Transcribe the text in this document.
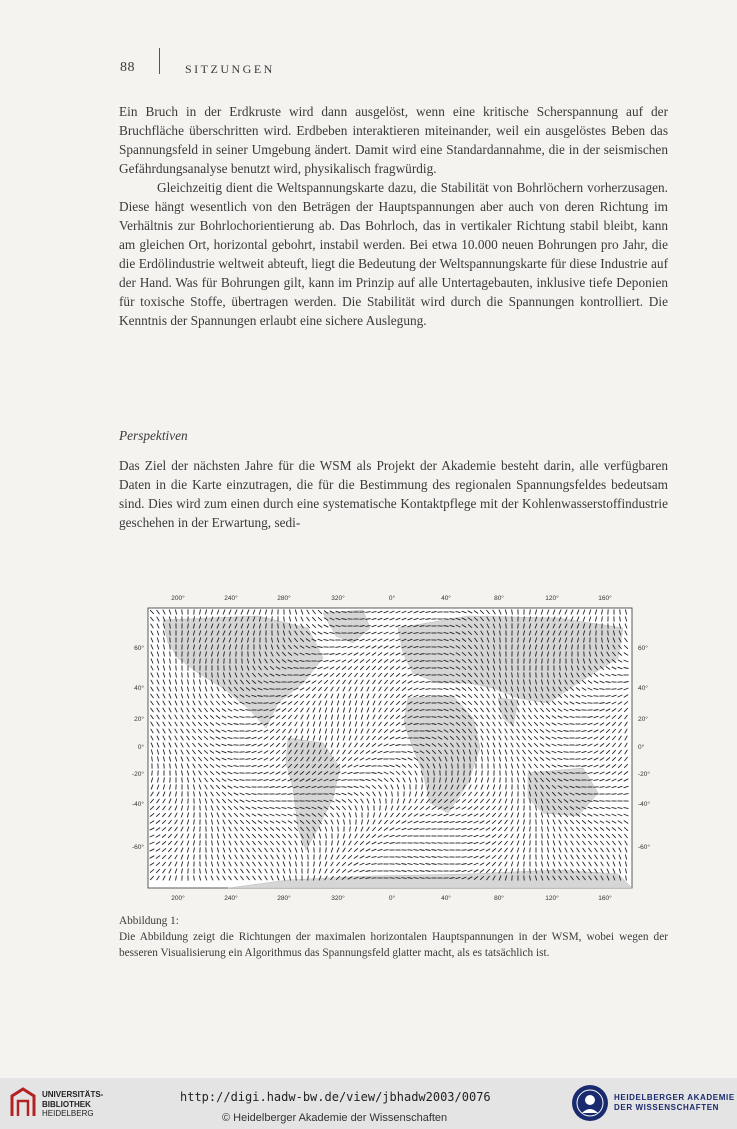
88	SITZUNGEN

Ein Bruch in der Erdkruste wird dann ausgelöst, wenn eine kritische Scherspannung auf der Bruchfläche überschritten wird. Erdbeben interaktieren miteinander, weil ein ausgelöstes Beben das Spannungsfeld in seiner Umgebung ändert. Damit wird eine Standardannahme, die in der seismischen Gefährdungsanalyse benutzt wird, physikalisch fragwürdig.

Gleichzeitig dient die Weltspannungskarte dazu, die Stabilität von Bohrlöchern vorherzusagen. Diese hängt wesentlich von den Beträgen der Hauptspannungen aber auch von deren Richtung im Verhältnis zur Bohrlochorientierung ab. Das Bohrloch, das in vertikaler Richtung stabil bleibt, kann am gleichen Ort, horizontal gebohrt, instabil werden. Bei etwa 10.000 neuen Bohrungen pro Jahr, die die Erdölindustrie weltweit abteuft, liegt die Bedeutung der Weltspannungskarte für diese Industrie auf der Hand. Was für Bohrungen gilt, kann im Prinzip auf alle Untertagebauten, inklusive tiefe Deponien für toxische Stoffe, übertragen werden. Die Stabilität wird durch die Spannungen kontrolliert. Die Kenntnis der Spannungen erlaubt eine sichere Auslegung.

Perspektiven

Das Ziel der nächsten Jahre für die WSM als Projekt der Akademie besteht darin, alle verfügbaren Daten in die Karte einzutragen, die für die Bestimmung des regionalen Spannungsfeldes bedeutsam sind. Dies wird zum einen durch eine systematische Kontaktpflege mit der Kohlenwasserstoffindustrie geschehen in der Erwartung, sedi-

200°	240°	280°	320°	0°	40°	80°	120°	160°
200°	240°	280°	320°	0°	40°	80°	120°	160°
60°
40°
20°
0°
-20°
-40°
-60°
60°
40°
20°
0°
-20°
-40°
-60°
Abbildung 1:
Die Abbildung zeigt die Richtungen der maximalen horizontalen Hauptspannungen in der WSM, wobei wegen der besseren Visualisierung ein Algorithmus das Spannungsfeld glatter macht, als es tatsächlich ist.
UNIVERSITÄTS-
BIBLIOTHEK
HEIDELBERG
http://digi.hadw-bw.de/view/jbhadw2003/0076
© Heidelberger Akademie der Wissenschaften
HEIDELBERGER AKADEMIE
DER WISSENSCHAFTEN
